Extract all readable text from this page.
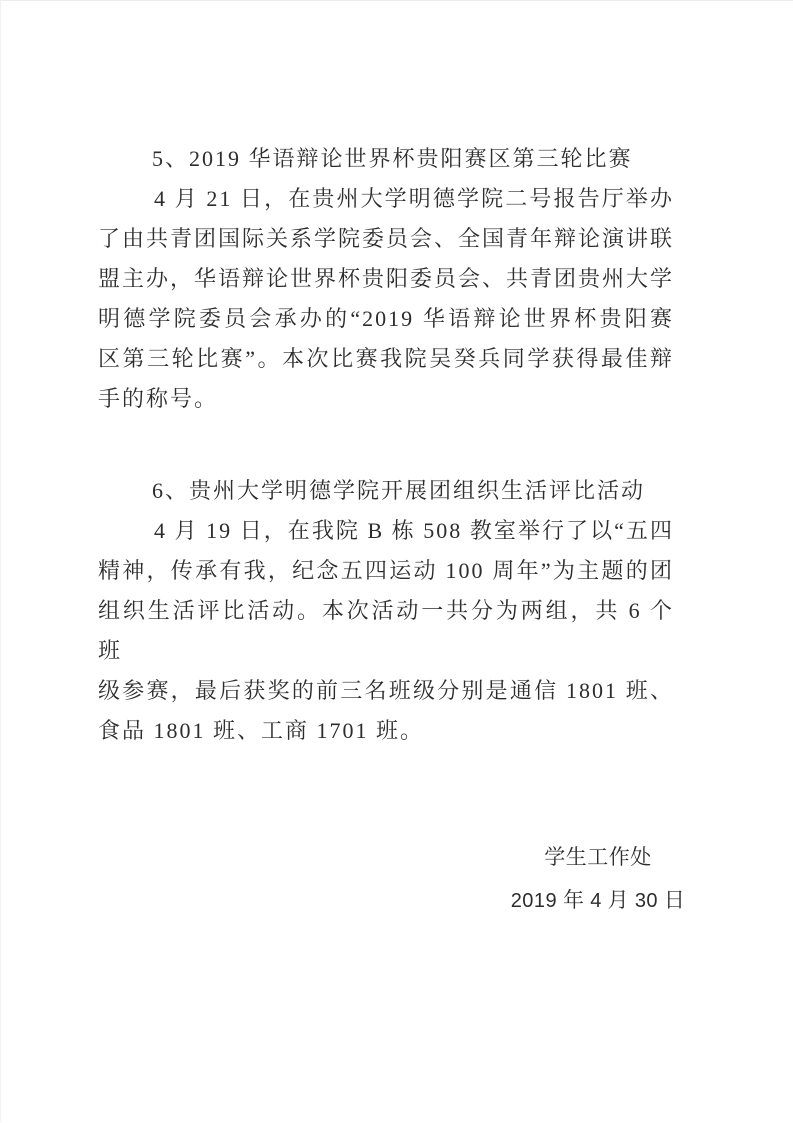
5、2019 华语辩论世界杯贵阳赛区第三轮比赛
4 月 21 日，在贵州大学明德学院二号报告厅举办
了由共青团国际关系学院委员会、全国青年辩论演讲联
盟主办，华语辩论世界杯贵阳委员会、共青团贵州大学
明德学院委员会承办的“2019 华语辩论世界杯贵阳赛
区第三轮比赛”。本次比赛我院吴癸兵同学获得最佳辩
手的称号。
6、贵州大学明德学院开展团组织生活评比活动
4 月 19 日，在我院 B 栋 508 教室举行了以“五四
精神，传承有我，纪念五四运动 100 周年”为主题的团
组织生活评比活动。本次活动一共分为两组，共 6 个班
级参赛，最后获奖的前三名班级分别是通信 1801 班、
食品 1801 班、工商 1701 班。
学生工作处
2019 年 4 月 30 日
